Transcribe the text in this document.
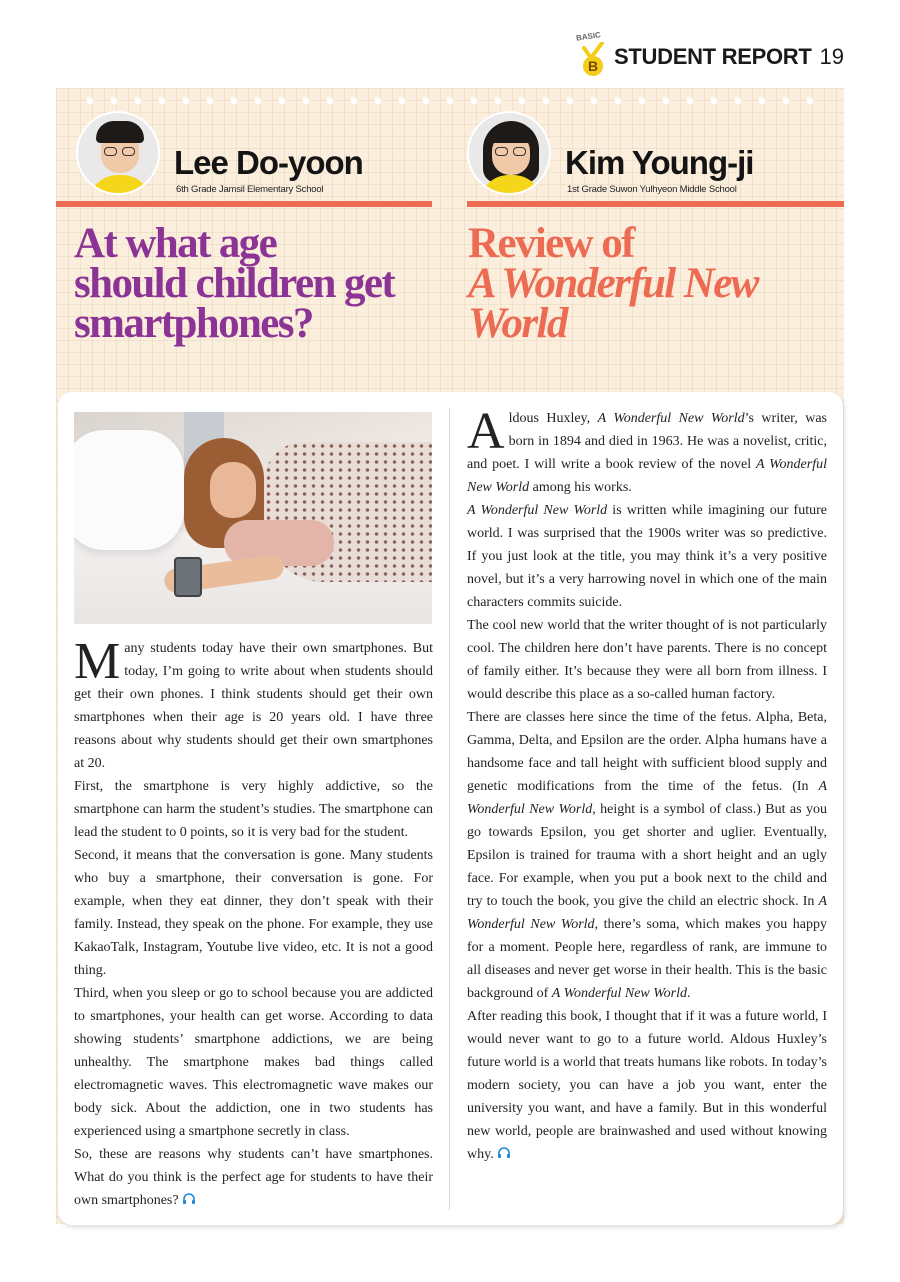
BASIC
B STUDENT REPORT 19
Lee Do-yoon
6th Grade Jamsil Elementary School
Kim Young-ji
1st Grade Suwon Yulhyeon Middle School
At what age
should children get
smartphones?
Review of
A Wonderful New
World

Many students today have their own smartphones. But today, I’m going to write about when students should get their own phones. I think students should get their own smartphones when their age is 20 years old. I have three reasons about why students should get their own smartphones at 20.

First, the smartphone is very highly addictive, so the smartphone can harm the student’s studies. The smartphone can lead the student to 0 points, so it is very bad for the student.

Second, it means that the conversation is gone. Many students who buy a smartphone, their conversation is gone. For example, when they eat dinner, they don’t speak with their family. Instead, they speak on the phone. For example, they use KakaoTalk, Instagram, Youtube live video, etc. It is not a good thing.

Third, when you sleep or go to school because you are addicted to smartphones, your health can get worse. According to data showing students’ smartphone addictions, we are being unhealthy. The smartphone makes bad things called electromagnetic waves. This electromagnetic wave makes our body sick. About the addiction, one in two students has experienced using a smartphone secretly in class.

So, these are reasons why students can’t have smartphones. What do you think is the perfect age for students to have their own smartphones?

Aldous Huxley, A Wonderful New World’s writer, was born in 1894 and died in 1963. He was a novelist, critic, and poet. I will write a book review of the novel A Wonderful New World among his works.

A Wonderful New World is written while imagining our future world. I was surprised that the 1900s writer was so predictive. If you just look at the title, you may think it’s a very positive novel, but it’s a very harrowing novel in which one of the main characters commits suicide.

The cool new world that the writer thought of is not particularly cool. The children here don’t have parents. There is no concept of family either. It’s because they were all born from illness. I would describe this place as a so-called human factory.

There are classes here since the time of the fetus. Alpha, Beta, Gamma, Delta, and Epsilon are the order. Alpha humans have a handsome face and tall height with sufficient blood supply and genetic modifications from the time of the fetus. (In A Wonderful New World, height is a symbol of class.) But as you go towards Epsilon, you get shorter and uglier. Eventually, Epsilon is trained for trauma with a short height and an ugly face. For example, when you put a book next to the child and try to touch the book, you give the child an electric shock. In A Wonderful New World, there’s soma, which makes you happy for a moment. People here, regardless of rank, are immune to all diseases and never get worse in their health. This is the basic background of A Wonderful New World.

After reading this book, I thought that if it was a future world, I would never want to go to a future world. Aldous Huxley’s future world is a world that treats humans like robots. In today’s modern society, you can have a job you want, enter the university you want, and have a family. But in this wonderful new world, people are brainwashed and used without knowing why.
